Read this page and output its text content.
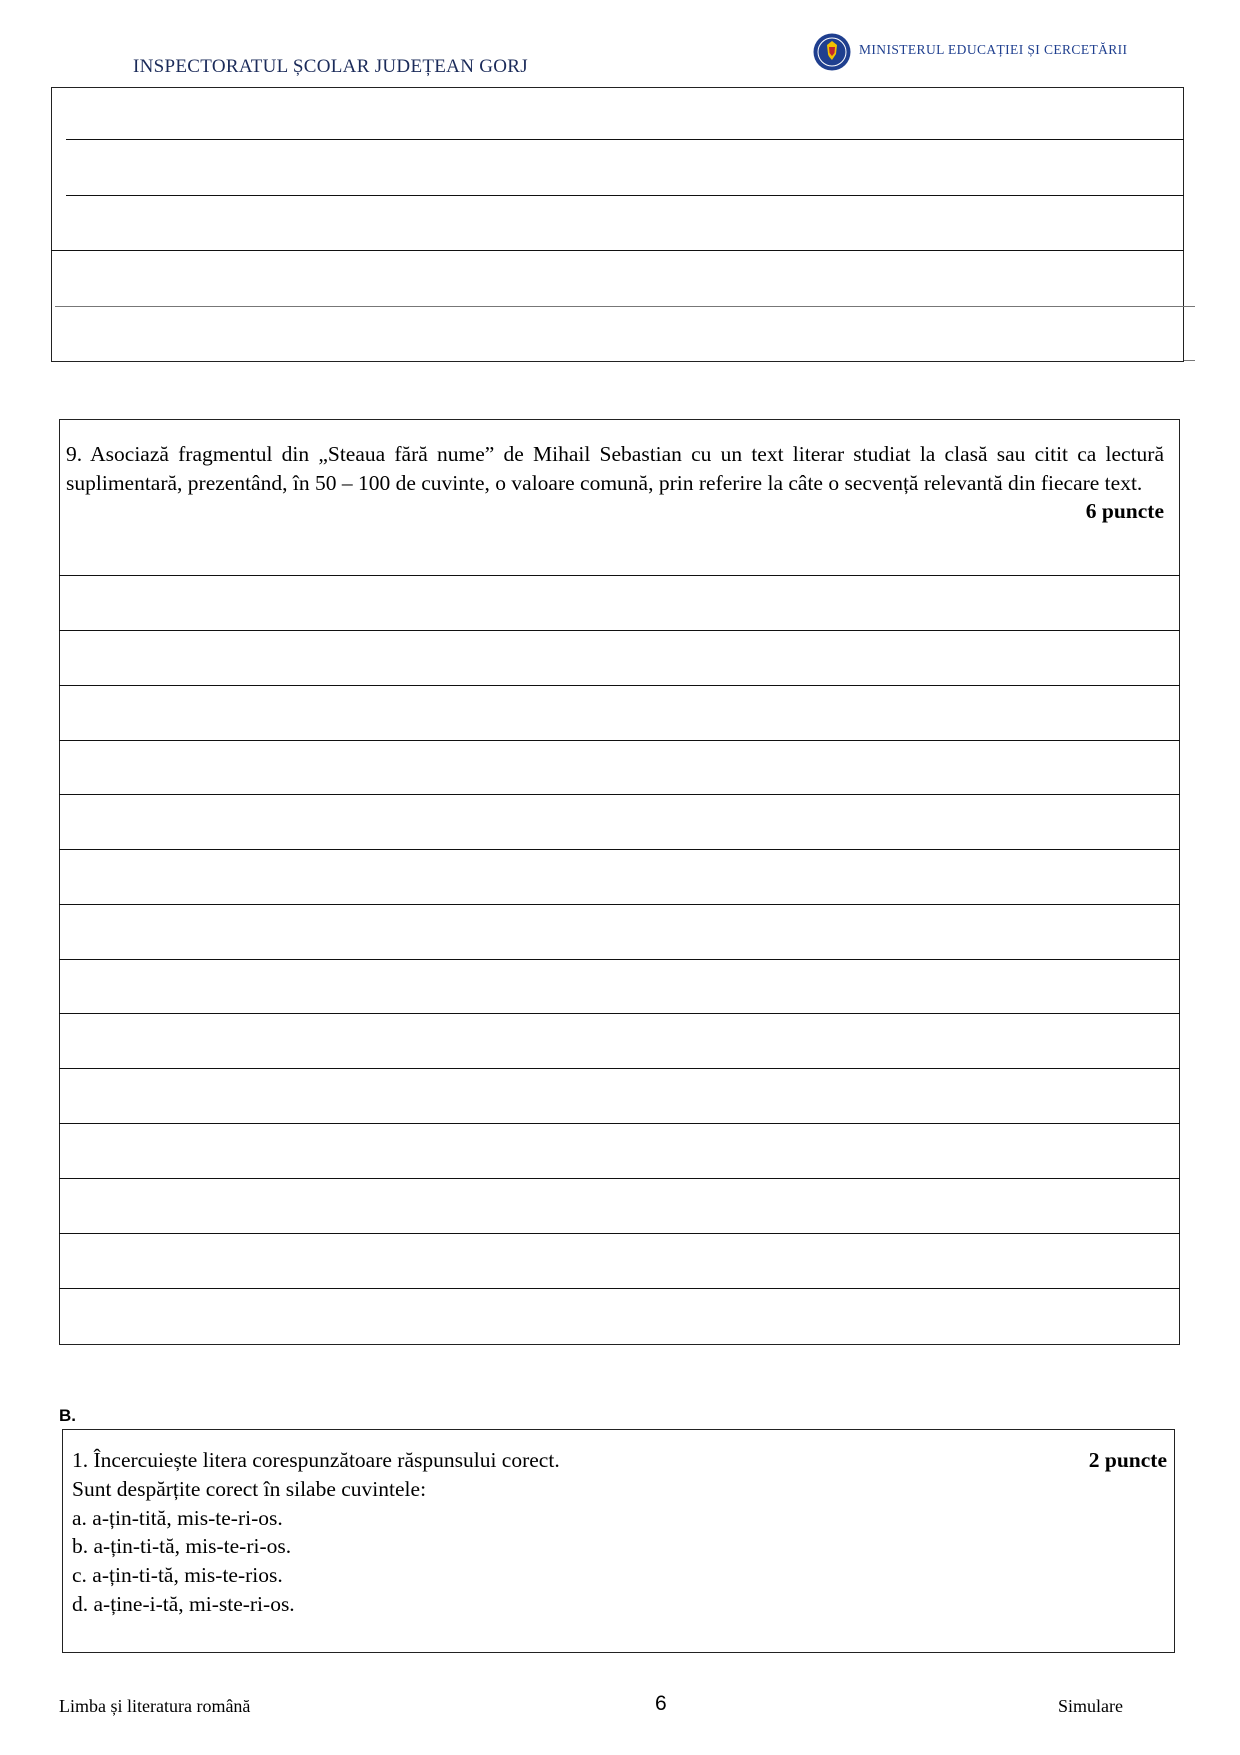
INSPECTORATUL ȘCOLAR JUDEȚEAN GORJ
MINISTERUL EDUCAȚIEI ȘI CERCETĂRII
9. Asociază fragmentul din „Steaua fără nume” de Mihail Sebastian cu un text literar studiat la clasă sau citit ca lectură suplimentară, prezentând, în 50 – 100 de cuvinte, o valoare comună, prin referire la câte o secvență relevantă din fiecare text.
6 puncte
B.
1. Încercuiește litera corespunzătoare răspunsului corect.	2 puncte
Sunt despărțite corect în silabe cuvintele:
a. a-țin-tită, mis-te-ri-os.
b. a-țin-ti-tă, mis-te-ri-os.
c. a-țin-ti-tă, mis-te-rios.
d. a-ține-i-tă, mi-ste-ri-os.
Limba și literatura română	6	Simulare
